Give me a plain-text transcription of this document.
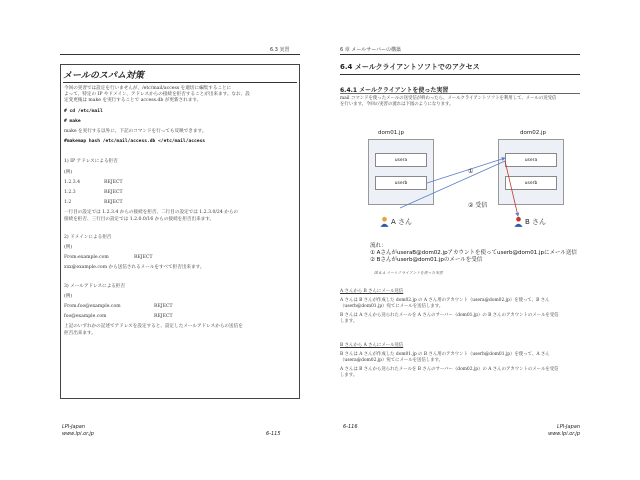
6.3 実習
メールのスパム対策

今回の実習では設定を行いませんが、/etc/mail/access を適切に編集することに

よって、特定の IP やドメイン、アドレスからの接続を拒否することが出来ます。なお、設

定変更後は make を実行することで access.db が更新されます。

# cd /etc/mail

# make

make を実行する以外に、下記のコマンドを行っても反映できます。

#makemap hash /etc/mail/access.db </etc/mail/access

1) IP アドレスによる拒否

(例)

1.2.3.4	REJECT
1.2.3	REJECT
1.2	REJECT

一行目の設定では 1.2.3.4 からの接続を拒否、二行目の設定では 1.2.3.0/24 からの

接続を拒否、三行目の設定では 1.2.0.0/16 からの接続を拒否出来ます。

2) ドメインによる拒否

(例)

From:example.com	REJECT

xxx@example.com から送信されるメールをすべて拒否出来ます。

3) メールアドレスによる拒否

(例)

From:foo@example.com	REJECT
foo@example.com	REJECT

上記のいずれかの記述でアドレスを設定すると、設定したメールアドレスからの送信を

拒否出来ます。

LPI-Japan
www.lpi.or.jp	6-115
6 章 メールサーバーの構築
6.4 メールクライアントソフトでのアクセス
6.4.1 メールクライアントを使った実習

mail コマンドを使ったメールの送受信が終わったら、メールクライアントソフトを利用して、メールの送受信

を行います。今回の実習の流れは下図のようになります。

dom01.jp	dom02.jp
usera
userb
usera
userb
①
② 受信
A さん	B さん
流れ：
① AさんがuseraB@dom02.jpアカウントを使ってuserb@dom01.jpにメール送信
② Bさんがuserb@dom01.jpのメールを受信
図 6-4 メールクライアントを使った実習

A さんから B さんにメール送信

A さんは B さんが作成した dom02.jp の A さん用のアカウント（usera@dom02.jp）を使って、B さん

（userb@dom01.jp）宛てにメールを送信します。

B さんは A さんから送られたメールを A さんのサーバー（dom01.jp）の B さんのアカウントのメールを受信

します。

B さんから A さんにメール送信

B さんは A さんが作成した dom01.jp の B さん用のアカウント（userb@dom01.jp）を使って、A さん

（usera@dom02.jp）宛てにメールを送信します。

A さんは B さんから送られたメールを B さんのサーバー（dom02.jp）の A さんのアカウントのメールを受信

します。

6-116	LPI-Japan
www.lpi.or.jp
